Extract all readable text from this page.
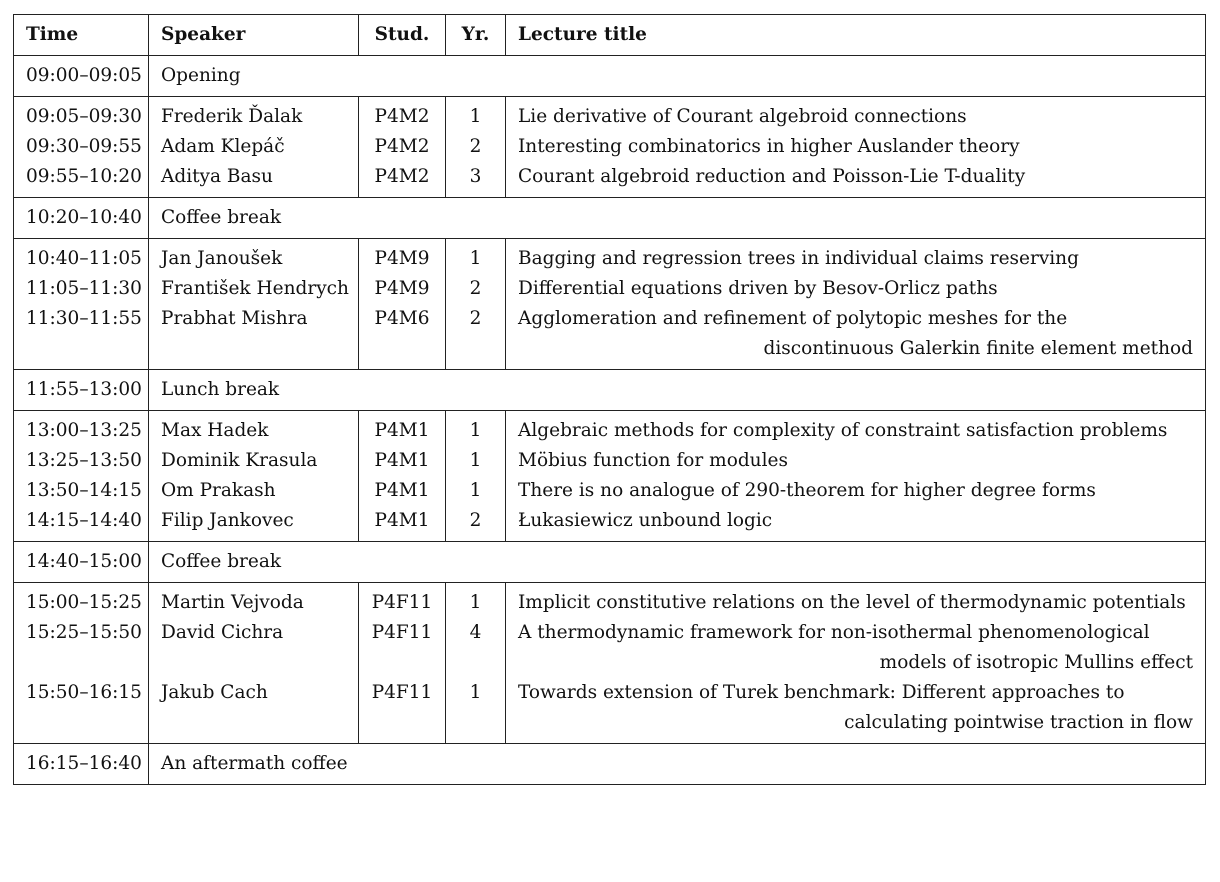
Time	Speaker	Stud.	Yr.	Lecture title
09:00–09:05	Opening			
09:05–09:30	Frederik Ďalak	P4M2	1	Lie derivative of Courant algebroid connections
09:30–09:55	Adam Klepáč	P4M2	2	Interesting combinatorics in higher Auslander theory
09:55–10:20	Aditya Basu	P4M2	3	Courant algebroid reduction and Poisson-Lie T-duality
10:20–10:40	Coffee break			
10:40–11:05	Jan Janoušek	P4M9	1	Bagging and regression trees in individual claims reserving
11:05–11:30	František Hendrych	P4M9	2	Differential equations driven by Besov-Orlicz paths
11:30–11:55	Prabhat Mishra	P4M6	2	Agglomeration and refinement of polytopic meshes for the
discontinuous Galerkin finite element method

11:55–13:00	Lunch break			
13:00–13:25	Max Hadek	P4M1	1	Algebraic methods for complexity of constraint satisfaction problems
13:25–13:50	Dominik Krasula	P4M1	1	Möbius function for modules
13:50–14:15	Om Prakash	P4M1	1	There is no analogue of 290-theorem for higher degree forms
14:15–14:40	Filip Jankovec	P4M1	2	Łukasiewicz unbound logic
14:40–15:00	Coffee break			
15:00–15:25	Martin Vejvoda	P4F11	1	Implicit constitutive relations on the level of thermodynamic potentials
15:25–15:50	David Cichra	P4F11	4	A thermodynamic framework for non-isothermal phenomenological
models of isotropic Mullins effect

15:50–16:15	Jakub Cach	P4F11	1	Towards extension of Turek benchmark: Different approaches to
calculating pointwise traction in flow

16:15–16:40	An aftermath coffee			
